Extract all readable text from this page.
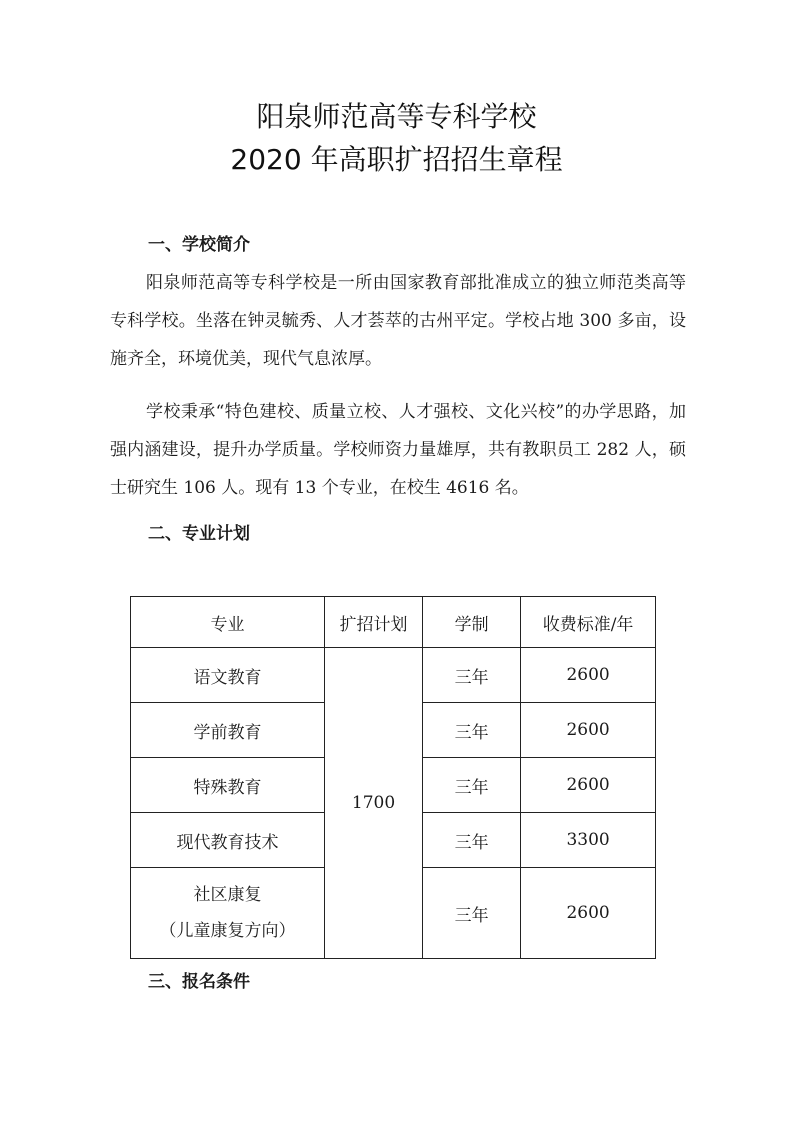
阳泉师范高等专科学校
2020 年高职扩招招生章程
一、学校简介

阳泉师范高等专科学校是一所由国家教育部批准成立的独立师范类高等专科学校。坐落在钟灵毓秀、人才荟萃的古州平定。学校占地 300 多亩，设施齐全，环境优美，现代气息浓厚。

学校秉承“特色建校、质量立校、人才强校、文化兴校”的办学思路，加强内涵建设，提升办学质量。学校师资力量雄厚，共有教职员工 282 人，硕士研究生 106 人。现有 13 个专业，在校生 4616 名。

二、专业计划
专业	扩招计划	学制	收费标准/年
语文教育	1700	三年	2600
学前教育		三年	2600
特殊教育		三年	2600
现代教育技术		三年	3300

社区康复
（儿童康复方向）		三年	2600
三、报名条件
